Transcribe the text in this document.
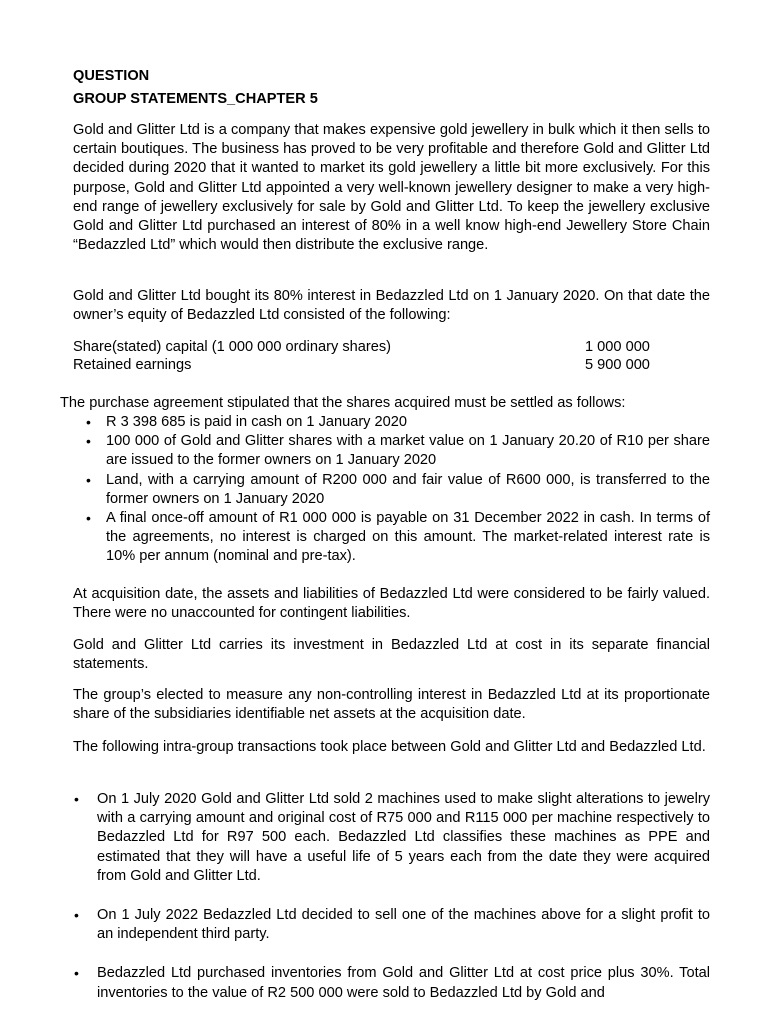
QUESTION
GROUP STATEMENTS_CHAPTER 5
Gold and Glitter Ltd is a company that makes expensive gold jewellery in bulk which it then sells to certain boutiques. The business has proved to be very profitable and therefore Gold and Glitter Ltd decided during 2020 that it wanted to market its gold jewellery a little bit more exclusively. For this purpose, Gold and Glitter Ltd appointed a very well-known jewellery designer to make a very high-end range of jewellery exclusively for sale by Gold and Glitter Ltd. To keep the jewellery exclusive Gold and Glitter Ltd purchased an interest of 80% in a well know high-end Jewellery Store Chain “Bedazzled Ltd” which would then distribute the exclusive range.
Gold and Glitter Ltd bought its 80% interest in Bedazzled Ltd on 1 January 2020. On that date the owner’s equity of Bedazzled Ltd consisted of the following:
Share(stated) capital (1 000 000 ordinary shares)	1 000 000
Retained earnings	5 900 000
The purchase agreement stipulated that the shares acquired must be settled as follows:
• R 3 398 685 is paid in cash on 1 January 2020
• 100 000 of Gold and Glitter shares with a market value on 1 January 20.20 of R10 per share are issued to the former owners on 1 January 2020
• Land, with a carrying amount of R200 000 and fair value of R600 000, is transferred to the former owners on 1 January 2020
• A final once-off amount of R1 000 000 is payable on 31 December 2022 in cash. In terms of the agreements, no interest is charged on this amount. The market-related interest rate is 10% per annum (nominal and pre-tax).
At acquisition date, the assets and liabilities of Bedazzled Ltd were considered to be fairly valued. There were no unaccounted for contingent liabilities.
Gold and Glitter Ltd carries its investment in Bedazzled Ltd at cost in its separate financial statements.
The group’s elected to measure any non-controlling interest in Bedazzled Ltd at its proportionate share of the subsidiaries identifiable net assets at the acquisition date.
The following intra-group transactions took place between Gold and Glitter Ltd and Bedazzled Ltd.
• On 1 July 2020 Gold and Glitter Ltd sold 2 machines used to make slight alterations to jewelry with a carrying amount and original cost of R75 000 and R115 000 per machine respectively to Bedazzled Ltd for R97 500 each. Bedazzled Ltd classifies these machines as PPE and estimated that they will have a useful life of 5 years each from the date they were acquired from Gold and Glitter Ltd.
• On 1 July 2022 Bedazzled Ltd decided to sell one of the machines above for a slight profit to an independent third party.
• Bedazzled Ltd purchased inventories from Gold and Glitter Ltd at cost price plus 30%. Total inventories to the value of R2 500 000 were sold to Bedazzled Ltd by Gold and
